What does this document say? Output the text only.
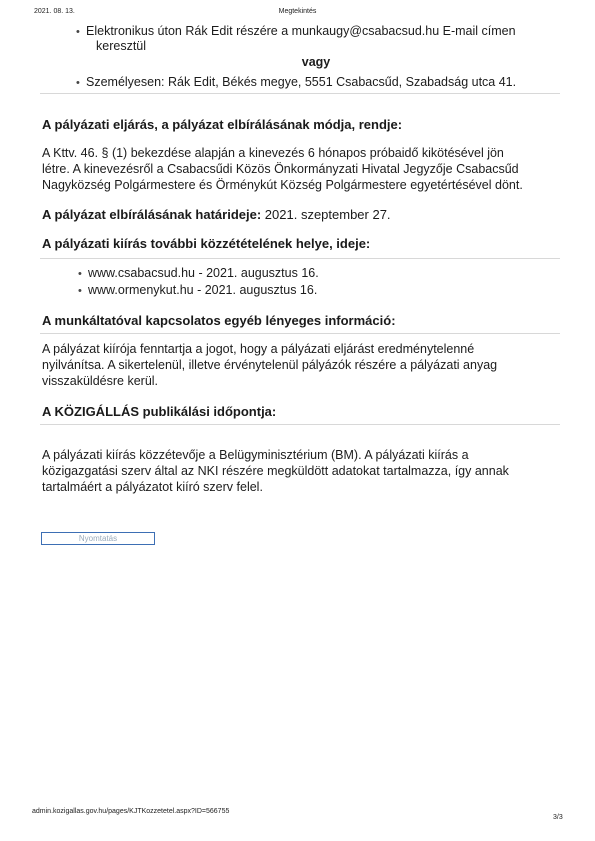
2021. 08. 13.	Megtekintés
• Elektronikus úton Rák Edit részére a munkaugy@csabacsud.hu E-mail címen
keresztül
vagy
• Személyesen: Rák Edit, Békés megye, 5551 Csabacsűd, Szabadság utca 41.
A pályázati eljárás, a pályázat elbírálásának módja, rendje:
A Kttv. 46. § (1) bekezdése alapján a kinevezés 6 hónapos próbaidő kikötésével jön
létre. A kinevezésről a Csabacsűdi Közös Önkormányzati Hivatal Jegyzője Csabacsűd
Nagyközség Polgármestere és Örménykút Község Polgármestere egyetértésével dönt.
A pályázat elbírálásának határideje: 2021. szeptember 27.
A pályázati kiírás további közzétételének helye, ideje:
• www.csabacsud.hu - 2021. augusztus 16.
• www.ormenykut.hu - 2021. augusztus 16.
A munkáltatóval kapcsolatos egyéb lényeges információ:
A pályázat kiírója fenntartja a jogot, hogy a pályázati eljárást eredménytelenné
nyilvánítsa. A sikertelenül, illetve érvénytelenül pályázók részére a pályázati anyag
visszaküldésre kerül.
A KÖZIGÁLLÁS publikálási időpontja:
A pályázati kiírás közzétevője a Belügyminisztérium (BM). A pályázati kiírás a
közigazgatási szerv által az NKI részére megküldött adatokat tartalmazza, így annak
tartalmáért a pályázatot kiíró szerv felel.
Nyomtatás
admin.kozigallas.gov.hu/pages/KJTKozzetetel.aspx?ID=566755
3/3
